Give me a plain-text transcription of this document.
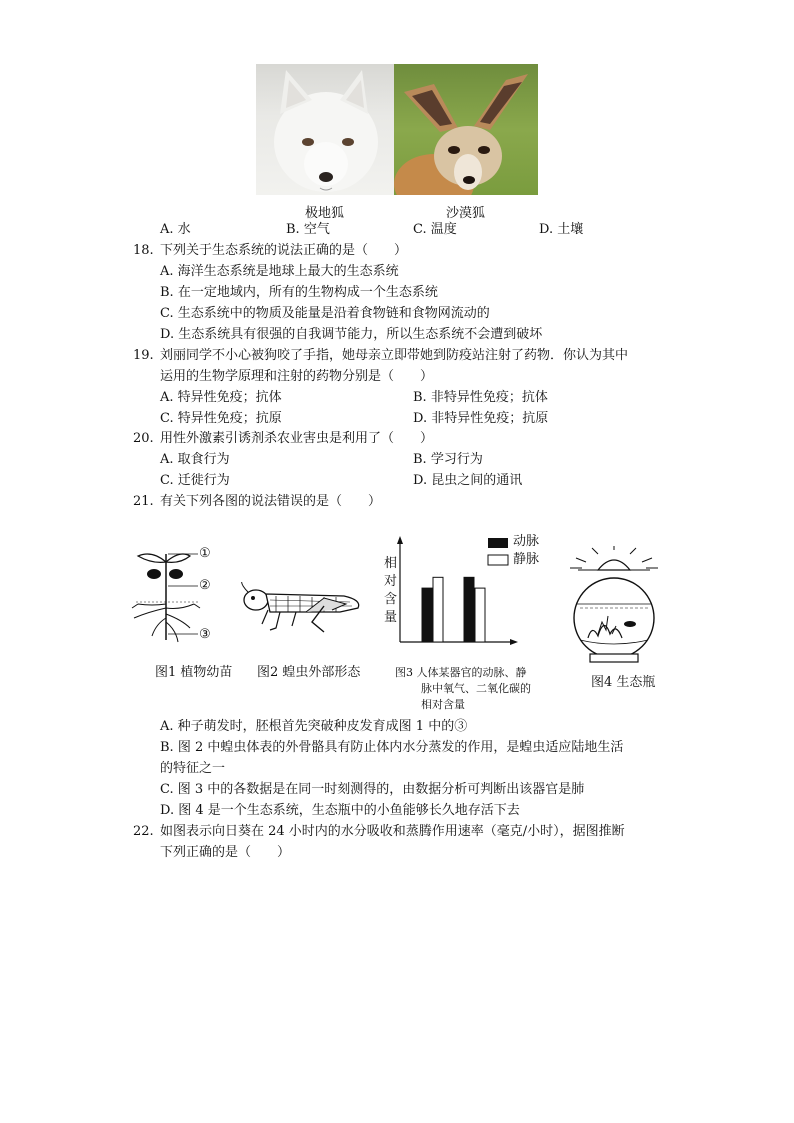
极地狐	沙漠狐
A. 水	B. 空气	C. 温度	D. 土壤
18. 下列关于生态系统的说法正确的是（　　）
A. 海洋生态系统是地球上最大的生态系统
B. 在一定地域内，所有的生物构成一个生态系统
C. 生态系统中的物质及能量是沿着食物链和食物网流动的
D. 生态系统具有很强的自我调节能力，所以生态系统不会遭到破坏
19. 刘丽同学不小心被狗咬了手指，她母亲立即带她到防疫站注射了药物．你认为其中
运用的生物学原理和注射的药物分别是（　　）
A. 特异性免疫；抗体	B. 非特异性免疫；抗体
C. 特异性免疫；抗原	D. 非特异性免疫；抗原
20. 用性外激素引诱剂杀农业害虫是利用了（　　）
A. 取食行为	B. 学习行为
C. 迁徙行为	D. 昆虫之间的通讯
21. 有关下列各图的说法错误的是（　　）
①
②
③
相
对
含
量
动脉
静脉
图1 植物幼苗 图2 蝗虫外部形态	图3 人体某器官的动脉、静
脉中氧气、二氧化碳的
相对含量
图4 生态瓶
A. 种子萌发时，胚根首先突破种皮发育成图 1 中的③
B. 图 2 中蝗虫体表的外骨骼具有防止体内水分蒸发的作用，是蝗虫适应陆地生活
的特征之一
C. 图 3 中的各数据是在同一时刻测得的，由数据分析可判断出该器官是肺
D. 图 4 是一个生态系统，生态瓶中的小鱼能够长久地存活下去
22. 如图表示向日葵在 24 小时内的水分吸收和蒸腾作用速率（毫克/小时），据图推断
下列正确的是（　　）
